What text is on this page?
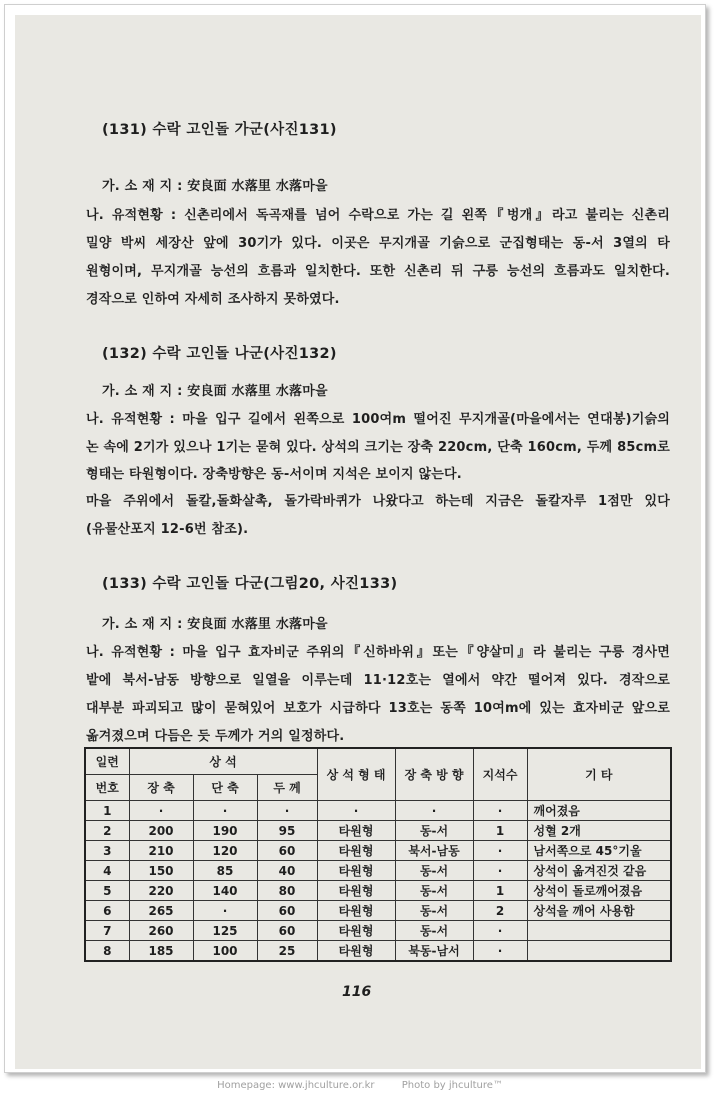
(131) 수락 고인돌 가군(사진131)
가. 소 재 지 : 安良面 水落里 水落마을
나. 유적현황 : 신촌리에서 독곡재를 넘어 수락으로 가는 길 왼쪽『벙개』라고 불리는 신촌리
밀양 박씨 세장산 앞에 30기가 있다. 이곳은 무지개골 기슭으로 군집형태는 동-서 3열의 타
원형이며, 무지개골 능선의 흐름과 일치한다. 또한 신촌리 뒤 구릉 능선의 흐름과도 일치한다.
경작으로 인하여 자세히 조사하지 못하였다.
(132) 수락 고인돌 나군(사진132)
가. 소 재 지 : 安良面 水落里 水落마을
나. 유적현황 : 마을 입구 길에서 왼쪽으로 100여m 떨어진 무지개골(마을에서는 연대봉)기슭의
논 속에 2기가 있으나 1기는 묻혀 있다. 상석의 크기는 장축 220cm, 단축 160cm, 두께 85cm로
형태는 타원형이다. 장축방향은 동-서이며 지석은 보이지 않는다.
마을 주위에서 돌칼,돌화살촉, 돌가락바퀴가 나왔다고 하는데 지금은 돌칼자루 1점만 있다
(유물산포지 12-6번 참조).
(133) 수락 고인돌 다군(그림20, 사진133)
가. 소 재 지 : 安良面 水落里 水落마을
나. 유적현황 : 마을 입구 효자비군 주위의『신하바위』또는『양살미』라 불리는 구릉 경사면
밭에 북서-남동 방향으로 일열을 이루는데 11·12호는 열에서 약간 떨어져 있다. 경작으로
대부분 파괴되고 많이 묻혀있어 보호가 시급하다 13호는 동쪽 10여m에 있는 효자비군 앞으로
옮겨졌으며 다듬은 듯 두께가 거의 일정하다.
일련	상 석			상 석 형 태	장 축 방 향	지석수	기 타
번호	장 축	단 축	두 께				
1	·	·	·	·	·	·	깨어졌음
2	200	190	95	타원형	동-서	1	성혈 2개
3	210	120	60	타원형	북서-남동	·	남서쪽으로 45°기울
4	150	85	40	타원형	동-서	·	상석이 옮겨진것 같음
5	220	140	80	타원형	동-서	1	상석이 돌로깨어졌음
6	265	·	60	타원형	동-서	2	상석을 깨어 사용함
7	260	125	60	타원형	동-서	·	
8	185	100	25	타원형	북동-남서	·	
116
Homepage: www.jhculture.or.kr	Photo by jhculture™
